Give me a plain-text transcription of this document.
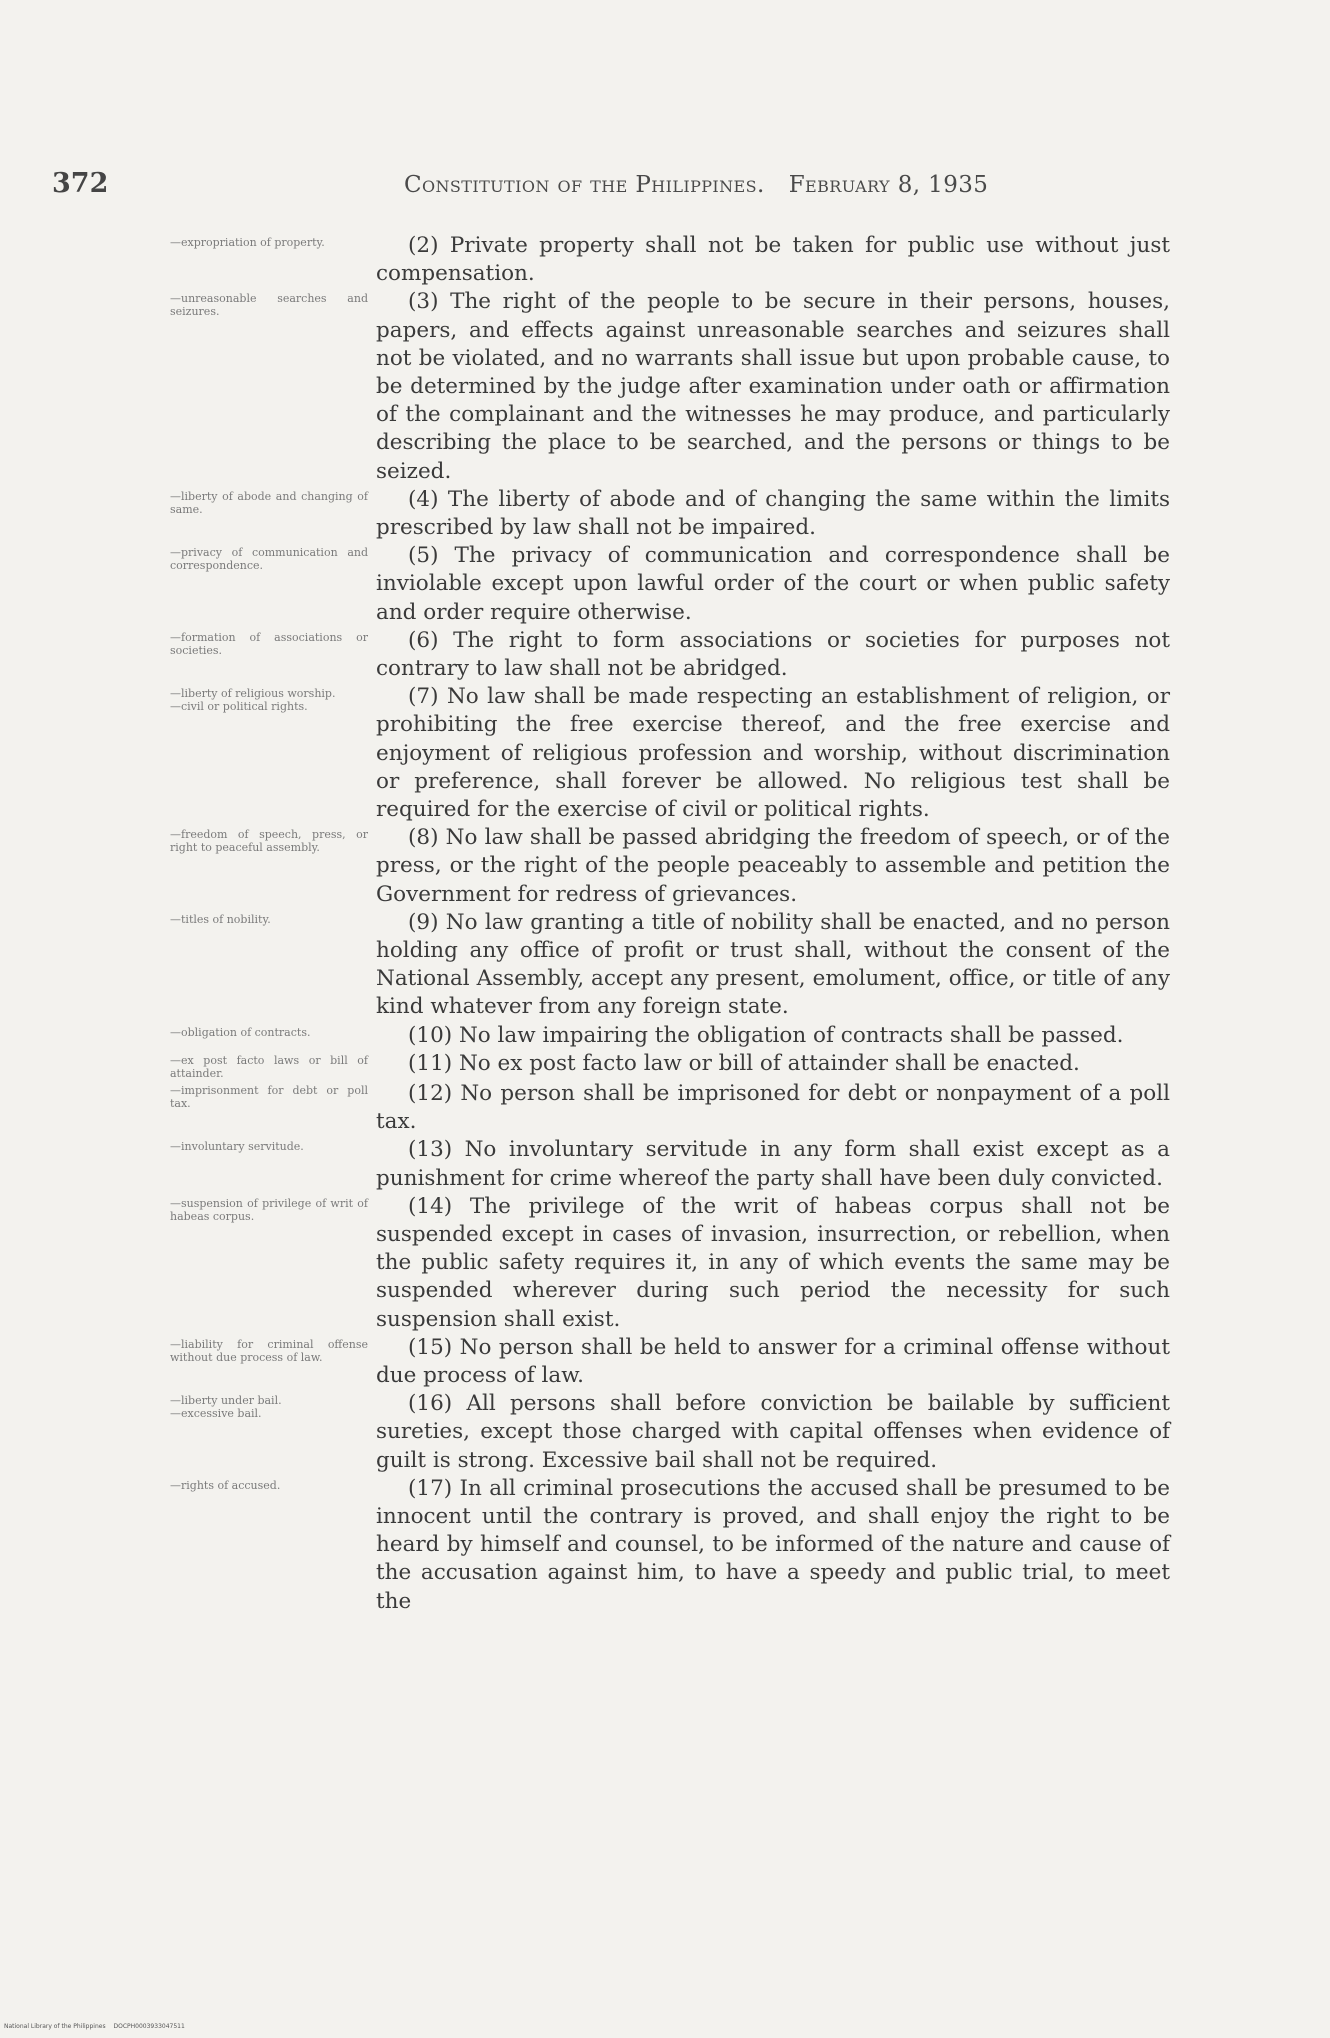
372	Constitution of the Philippines. February 8, 1935
—expropriation of property.	(2) Private property shall not be taken for public use without just compensation.
—unreasonable searches and seizures.	(3) The right of the people to be secure in their persons, houses, papers, and effects against unreasonable searches and seizures shall not be violated, and no warrants shall issue but upon probable cause, to be determined by the judge after examination under oath or affirmation of the complainant and the witnesses he may produce, and particularly describing the place to be searched, and the persons or things to be seized.
—liberty of abode and changing of same.	(4) The liberty of abode and of changing the same within the limits prescribed by law shall not be impaired.
—privacy of communication and correspondence.	(5) The privacy of communication and correspondence shall be inviolable except upon lawful order of the court or when public safety and order require otherwise.
—formation of associations or societies.	(6) The right to form associations or societies for purposes not contrary to law shall not be abridged.
—liberty of religious worship.
—civil or political rights.	(7) No law shall be made respecting an establishment of religion, or prohibiting the free exercise thereof, and the free exercise and enjoyment of religious profession and worship, without discrimination or preference, shall forever be allowed. No religious test shall be required for the exercise of civil or political rights.
—freedom of speech, press, or right to peaceful assembly.	(8) No law shall be passed abridging the freedom of speech, or of the press, or the right of the people peaceably to assemble and petition the Government for redress of grievances.
—titles of nobility.	(9) No law granting a title of nobility shall be enacted, and no person holding any office of profit or trust shall, without the consent of the National Assembly, accept any present, emolument, office, or title of any kind whatever from any foreign state.
—obligation of contracts.	(10) No law impairing the obligation of contracts shall be passed.
—ex post facto laws or bill of attainder.	(11) No ex post facto law or bill of attainder shall be enacted.
—imprisonment for debt or poll tax.	(12) No person shall be imprisoned for debt or nonpayment of a poll tax.
—involuntary servitude.	(13) No involuntary servitude in any form shall exist except as a punishment for crime whereof the party shall have been duly convicted.
—suspension of privilege of writ of habeas corpus.	(14) The privilege of the writ of habeas corpus shall not be suspended except in cases of invasion, insurrection, or rebellion, when the public safety requires it, in any of which events the same may be suspended wherever during such period the necessity for such suspension shall exist.
—liability for criminal offense without due process of law.	(15) No person shall be held to answer for a criminal offense without due process of law.
—liberty under bail.
—excessive bail.	(16) All persons shall before conviction be bailable by sufficient sureties, except those charged with capital offenses when evidence of guilt is strong. Excessive bail shall not be required.
—rights of accused.	(17) In all criminal prosecutions the accused shall be presumed to be innocent until the contrary is proved, and shall enjoy the right to be heard by himself and counsel, to be informed of the nature and cause of the accusation against him, to have a speedy and public trial, to meet the
National Library of the Philippines DOCPH0003933047511
